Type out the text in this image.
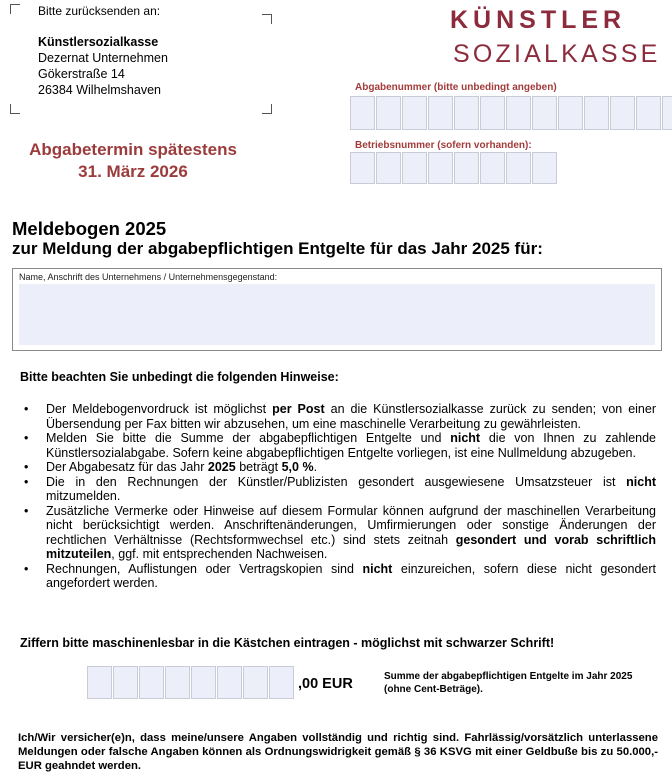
Bitte zurücksenden an:
Künstlersozialkasse
Dezernat Unternehmen
Gökerstraße 14
26384 Wilhelmshaven
KÜNSTLER
SOZIALKASSE
Abgabenummer (bitte unbedingt angeben)
Betriebsnummer (sofern vorhanden):
Abgabetermin spätestens
31. März 2026
Meldebogen 2025
zur Meldung der abgabepflichtigen Entgelte für das Jahr 2025 für:
Name, Anschrift des Unternehmens / Unternehmensgegenstand:
Bitte beachten Sie unbedingt die folgenden Hinweise:
• Der Meldebogenvordruck ist möglichst per Post an die Künstlersozialkasse zurück zu senden; von einer Übersendung per Fax bitten wir abzusehen, um eine maschinelle Verarbeitung zu gewährleisten.
• Melden Sie bitte die Summe der abgabepflichtigen Entgelte und nicht die von Ihnen zu zahlende Künstlersozialabgabe. Sofern keine abgabepflichtigen Entgelte vorliegen, ist eine Nullmeldung abzugeben.
• Der Abgabesatz für das Jahr 2025 beträgt 5,0 %.
• Die in den Rechnungen der Künstler/Publizisten gesondert ausgewiesene Umsatzsteuer ist nicht mitzumelden.
• Zusätzliche Vermerke oder Hinweise auf diesem Formular können aufgrund der maschinellen Verarbeitung nicht berücksichtigt werden. Anschriftenänderungen, Umfirmierungen oder sonstige Änderungen der rechtlichen Verhältnisse (Rechtsformwechsel etc.) sind stets zeitnah gesondert und vorab schriftlich mitzuteilen, ggf. mit entsprechenden Nachweisen.
• Rechnungen, Auflistungen oder Vertragskopien sind nicht einzureichen, sofern diese nicht gesondert angefordert werden.
Ziffern bitte maschinenlesbar in die Kästchen eintragen - möglichst mit schwarzer Schrift!
,00 EUR	Summe der abgabepflichtigen Entgelte im Jahr 2025
(ohne Cent-Beträge).
Ich/Wir versicher(e)n, dass meine/unsere Angaben vollständig und richtig sind. Fahrlässig/vorsätzlich unterlassene Meldungen oder falsche Angaben können als Ordnungswidrigkeit gemäß § 36 KSVG mit einer Geldbuße bis zu 50.000,- EUR geahndet werden.
